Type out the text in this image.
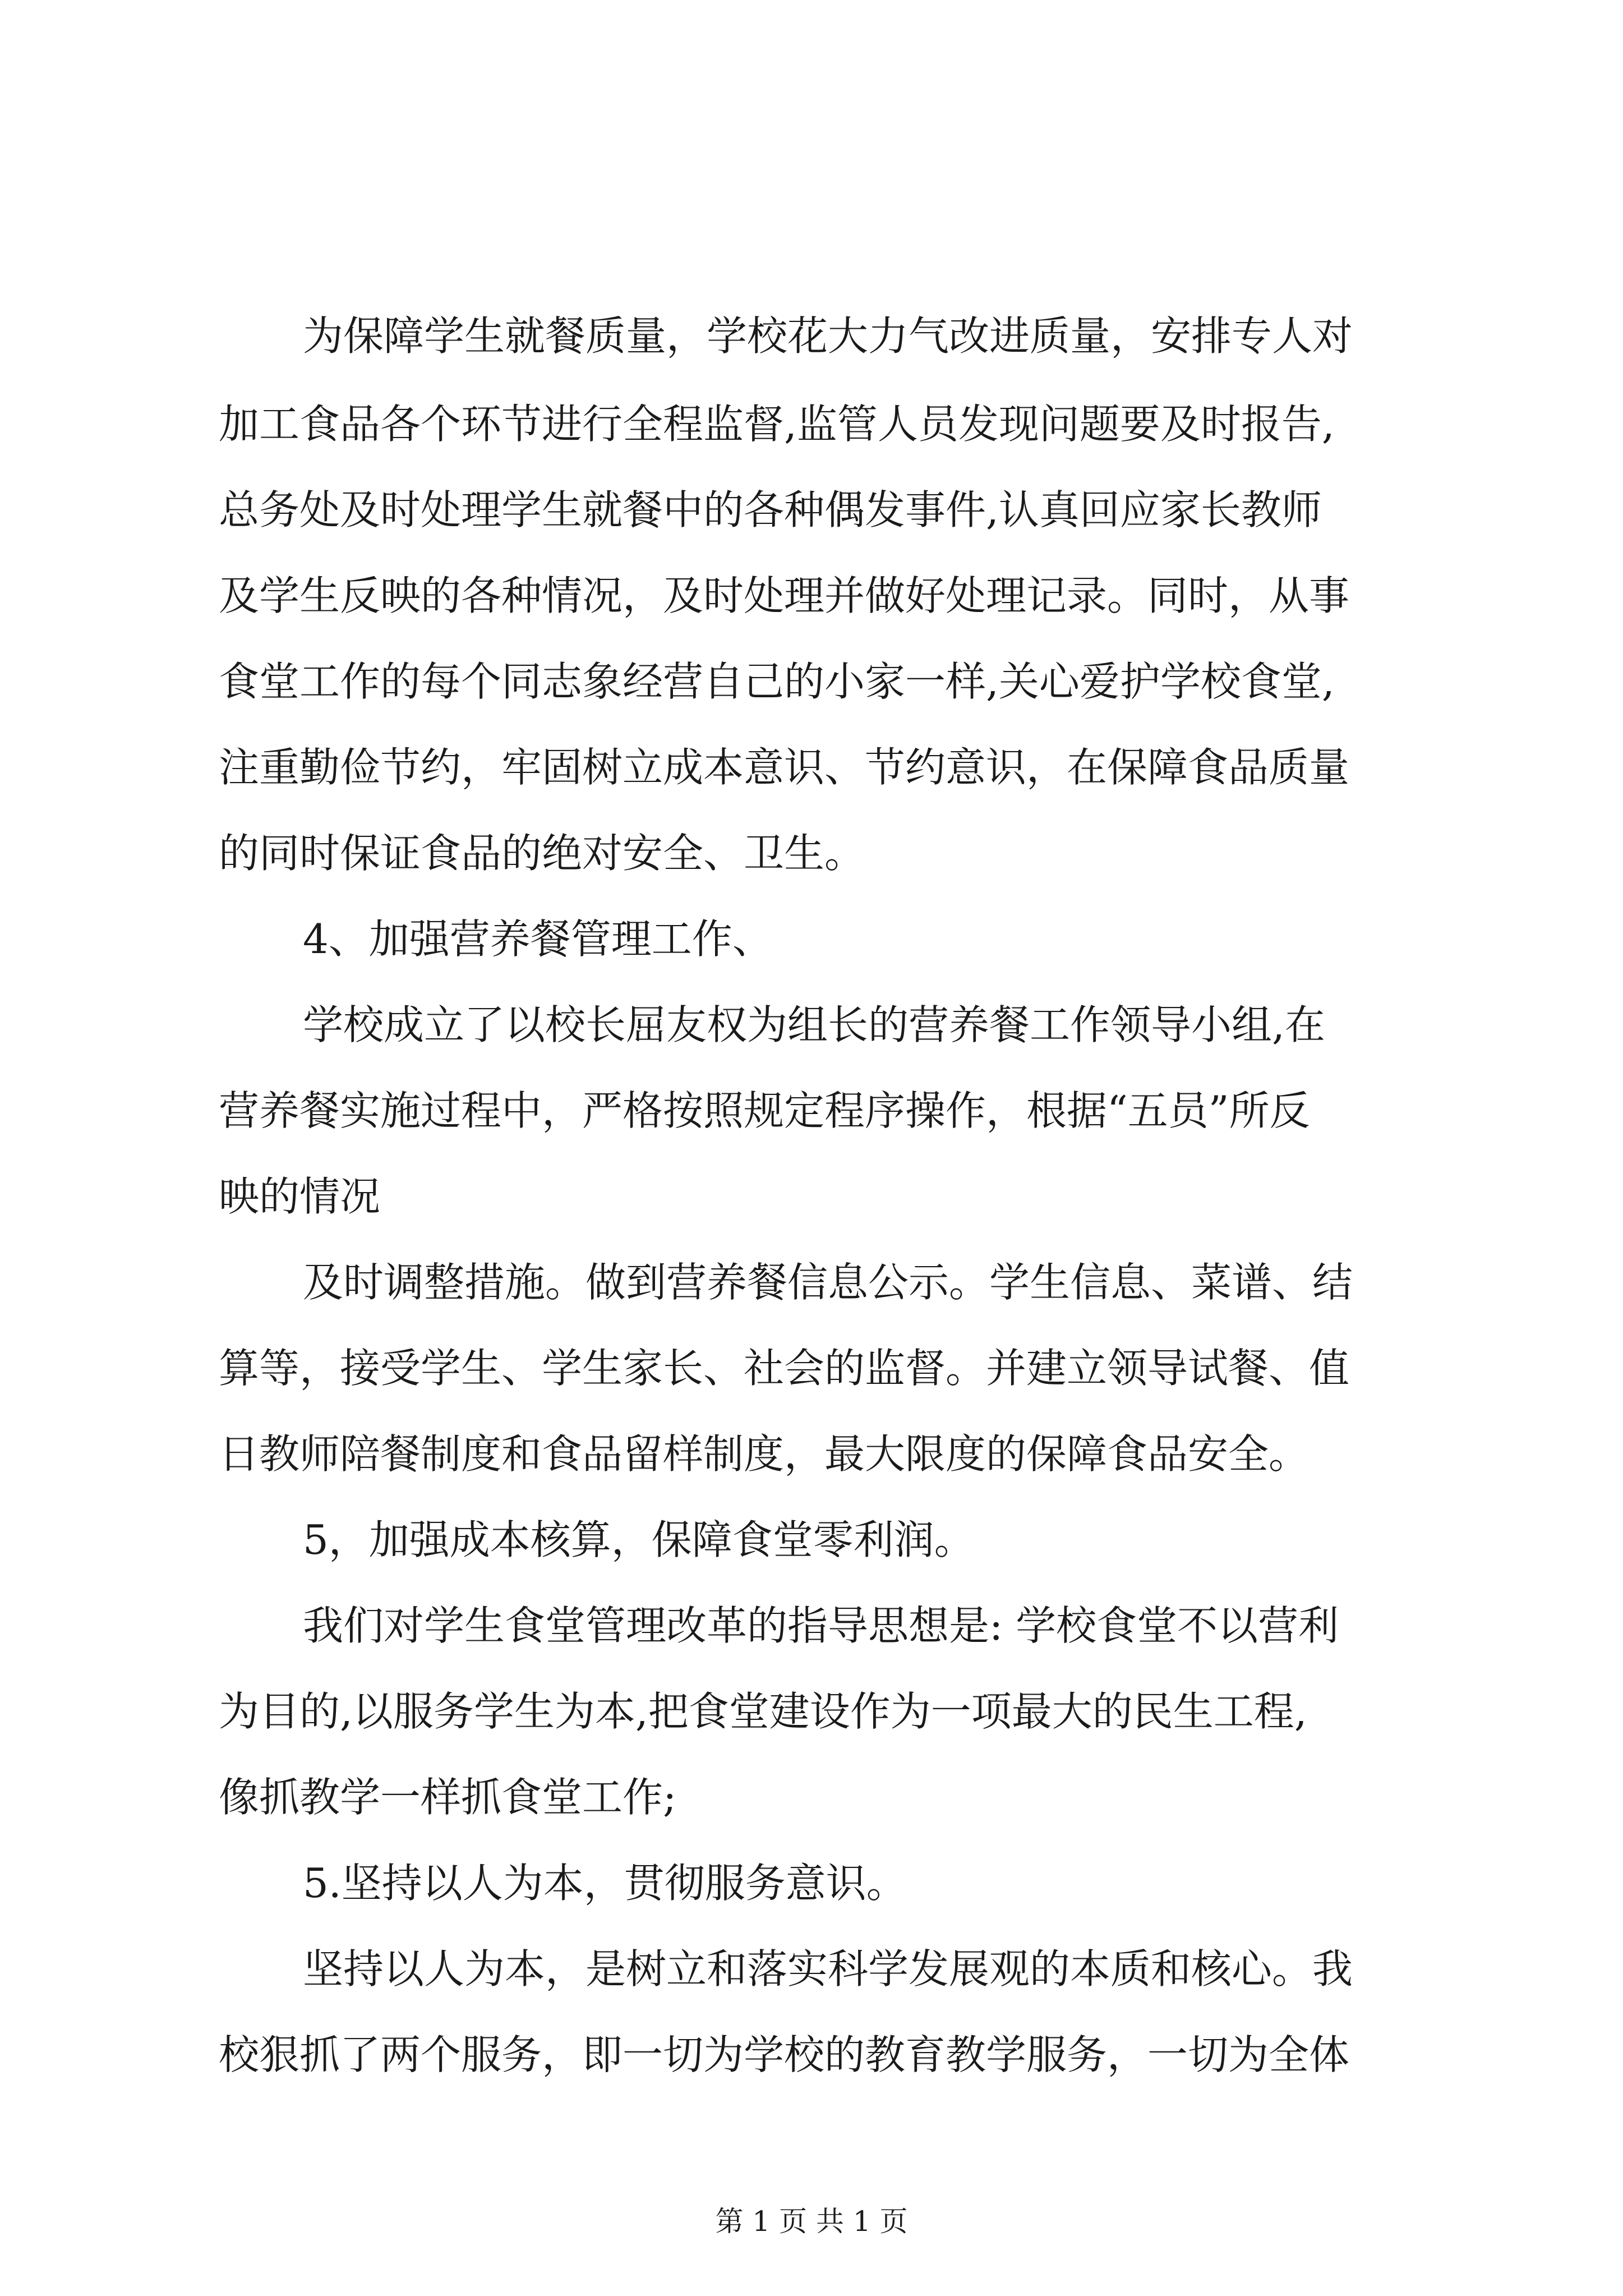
为保障学生就餐质量，学校花大力气改进质量，安排专人对
加工食品各个环节进行全程监督,监管人员发现问题要及时报告,
总务处及时处理学生就餐中的各种偶发事件,认真回应家长教师
及学生反映的各种情况，及时处理并做好处理记录。同时，从事
食堂工作的每个同志象经营自己的小家一样,关心爱护学校食堂,
注重勤俭节约，牢固树立成本意识、节约意识，在保障食品质量
的同时保证食品的绝对安全、卫生。
4、加强营养餐管理工作、
学校成立了以校长屈友权为组长的营养餐工作领导小组,在
营养餐实施过程中，严格按照规定程序操作，根据“五员”所反
映的情况
及时调整措施。做到营养餐信息公示。学生信息、菜谱、结
算等，接受学生、学生家长、社会的监督。并建立领导试餐、值
日教师陪餐制度和食品留样制度，最大限度的保障食品安全。
5，加强成本核算，保障食堂零利润。
我们对学生食堂管理改革的指导思想是: 学校食堂不以营利
为目的,以服务学生为本,把食堂建设作为一项最大的民生工程,
像抓教学一样抓食堂工作;
5.坚持以人为本，贯彻服务意识。
坚持以人为本，是树立和落实科学发展观的本质和核心。我
校狠抓了两个服务，即一切为学校的教育教学服务，一切为全体
第 1 页 共 1 页
